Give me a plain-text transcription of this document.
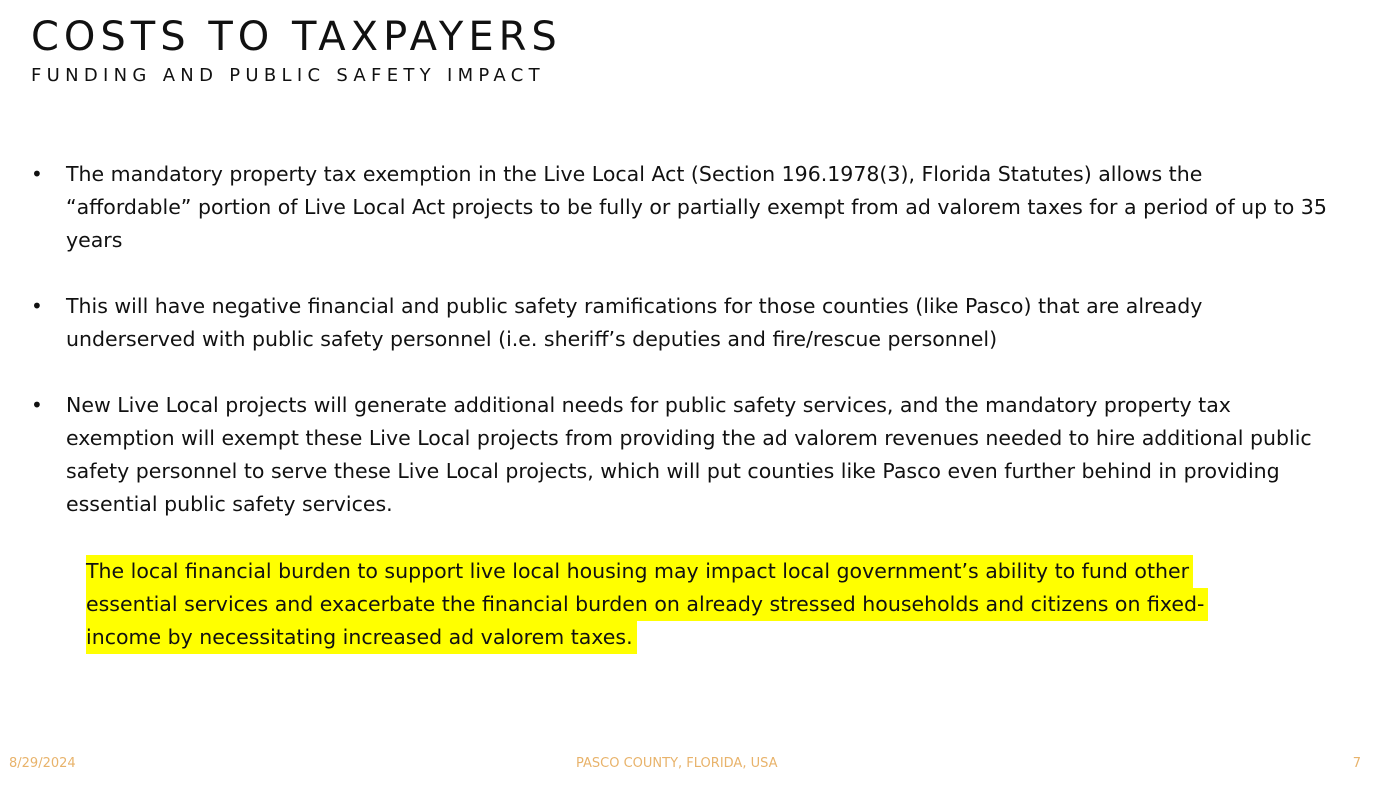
COSTS TO TAXPAYERS
FUNDING AND PUBLIC SAFETY IMPACT
• The mandatory property tax exemption in the Live Local Act (Section 196.1978(3), Florida Statutes) allows the “affordable” portion of Live Local Act projects to be fully or partially exempt from ad valorem taxes for a period of up to 35 years
• This will have negative financial and public safety ramifications for those counties (like Pasco) that are already underserved with public safety personnel (i.e. sheriff’s deputies and fire/rescue personnel)
• New Live Local projects will generate additional needs for public safety services, and the mandatory property tax exemption will exempt these Live Local projects from providing the ad valorem revenues needed to hire additional public safety personnel to serve these Live Local projects, which will put counties like Pasco even further behind in providing essential public safety services.
The local financial burden to support live local housing may impact local government’s ability to fund other
essential services and exacerbate the financial burden on already stressed households and citizens on fixed-
income by necessitating increased ad valorem taxes.
8/29/2024	PASCO COUNTY, FLORIDA, USA	7
